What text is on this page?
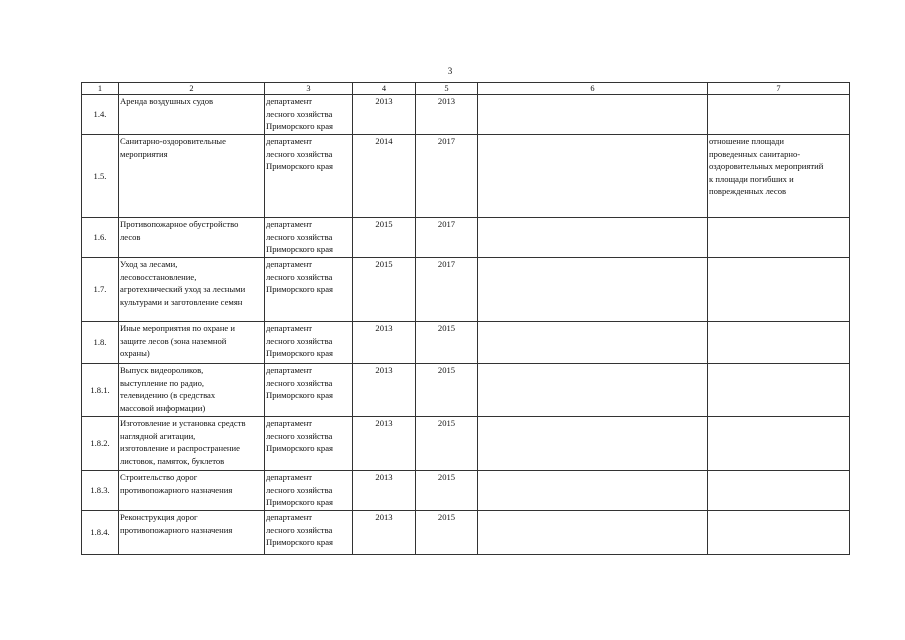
3
1	2	3	4	5	6	7
1.4.	Аренда воздушных судов	департамент
лесного хозяйства
Приморского края	2013	2013		

1.5.	Санитарно-оздоровительные
мероприятия	департамент
лесного хозяйства
Приморского края	2014	2017		отношение площади
проведенных санитарно-
оздоровительных мероприятий
к площади погибших и
поврежденных лесов

1.6.	Противопожарное обустройство
лесов	департамент
лесного хозяйства
Приморского края	2015	2017		

1.7.	Уход за лесами,
лесовосстановление,
агротехнический уход за лесными
культурами и заготовление семян	департамент
лесного хозяйства
Приморского края	2015	2017		

1.8.	Иные мероприятия по охране и
защите лесов (зона наземной
охраны)	департамент
лесного хозяйства
Приморского края	2013	2015		

1.8.1.	Выпуск видеороликов,
выступление по радио,
телевидению (в средствах
массовой информации)	департамент
лесного хозяйства
Приморского края	2013	2015		

1.8.2.	Изготовление и установка средств
наглядной агитации,
изготовление и распространение
листовок, памяток, буклетов	департамент
лесного хозяйства
Приморского края	2013	2015		

1.8.3.	Строительство дорог
противопожарного назначения	департамент
лесного хозяйства
Приморского края	2013	2015		

1.8.4.	Реконструкция дорог
противопожарного назначения	департамент
лесного хозяйства
Приморского края	2013	2015		
